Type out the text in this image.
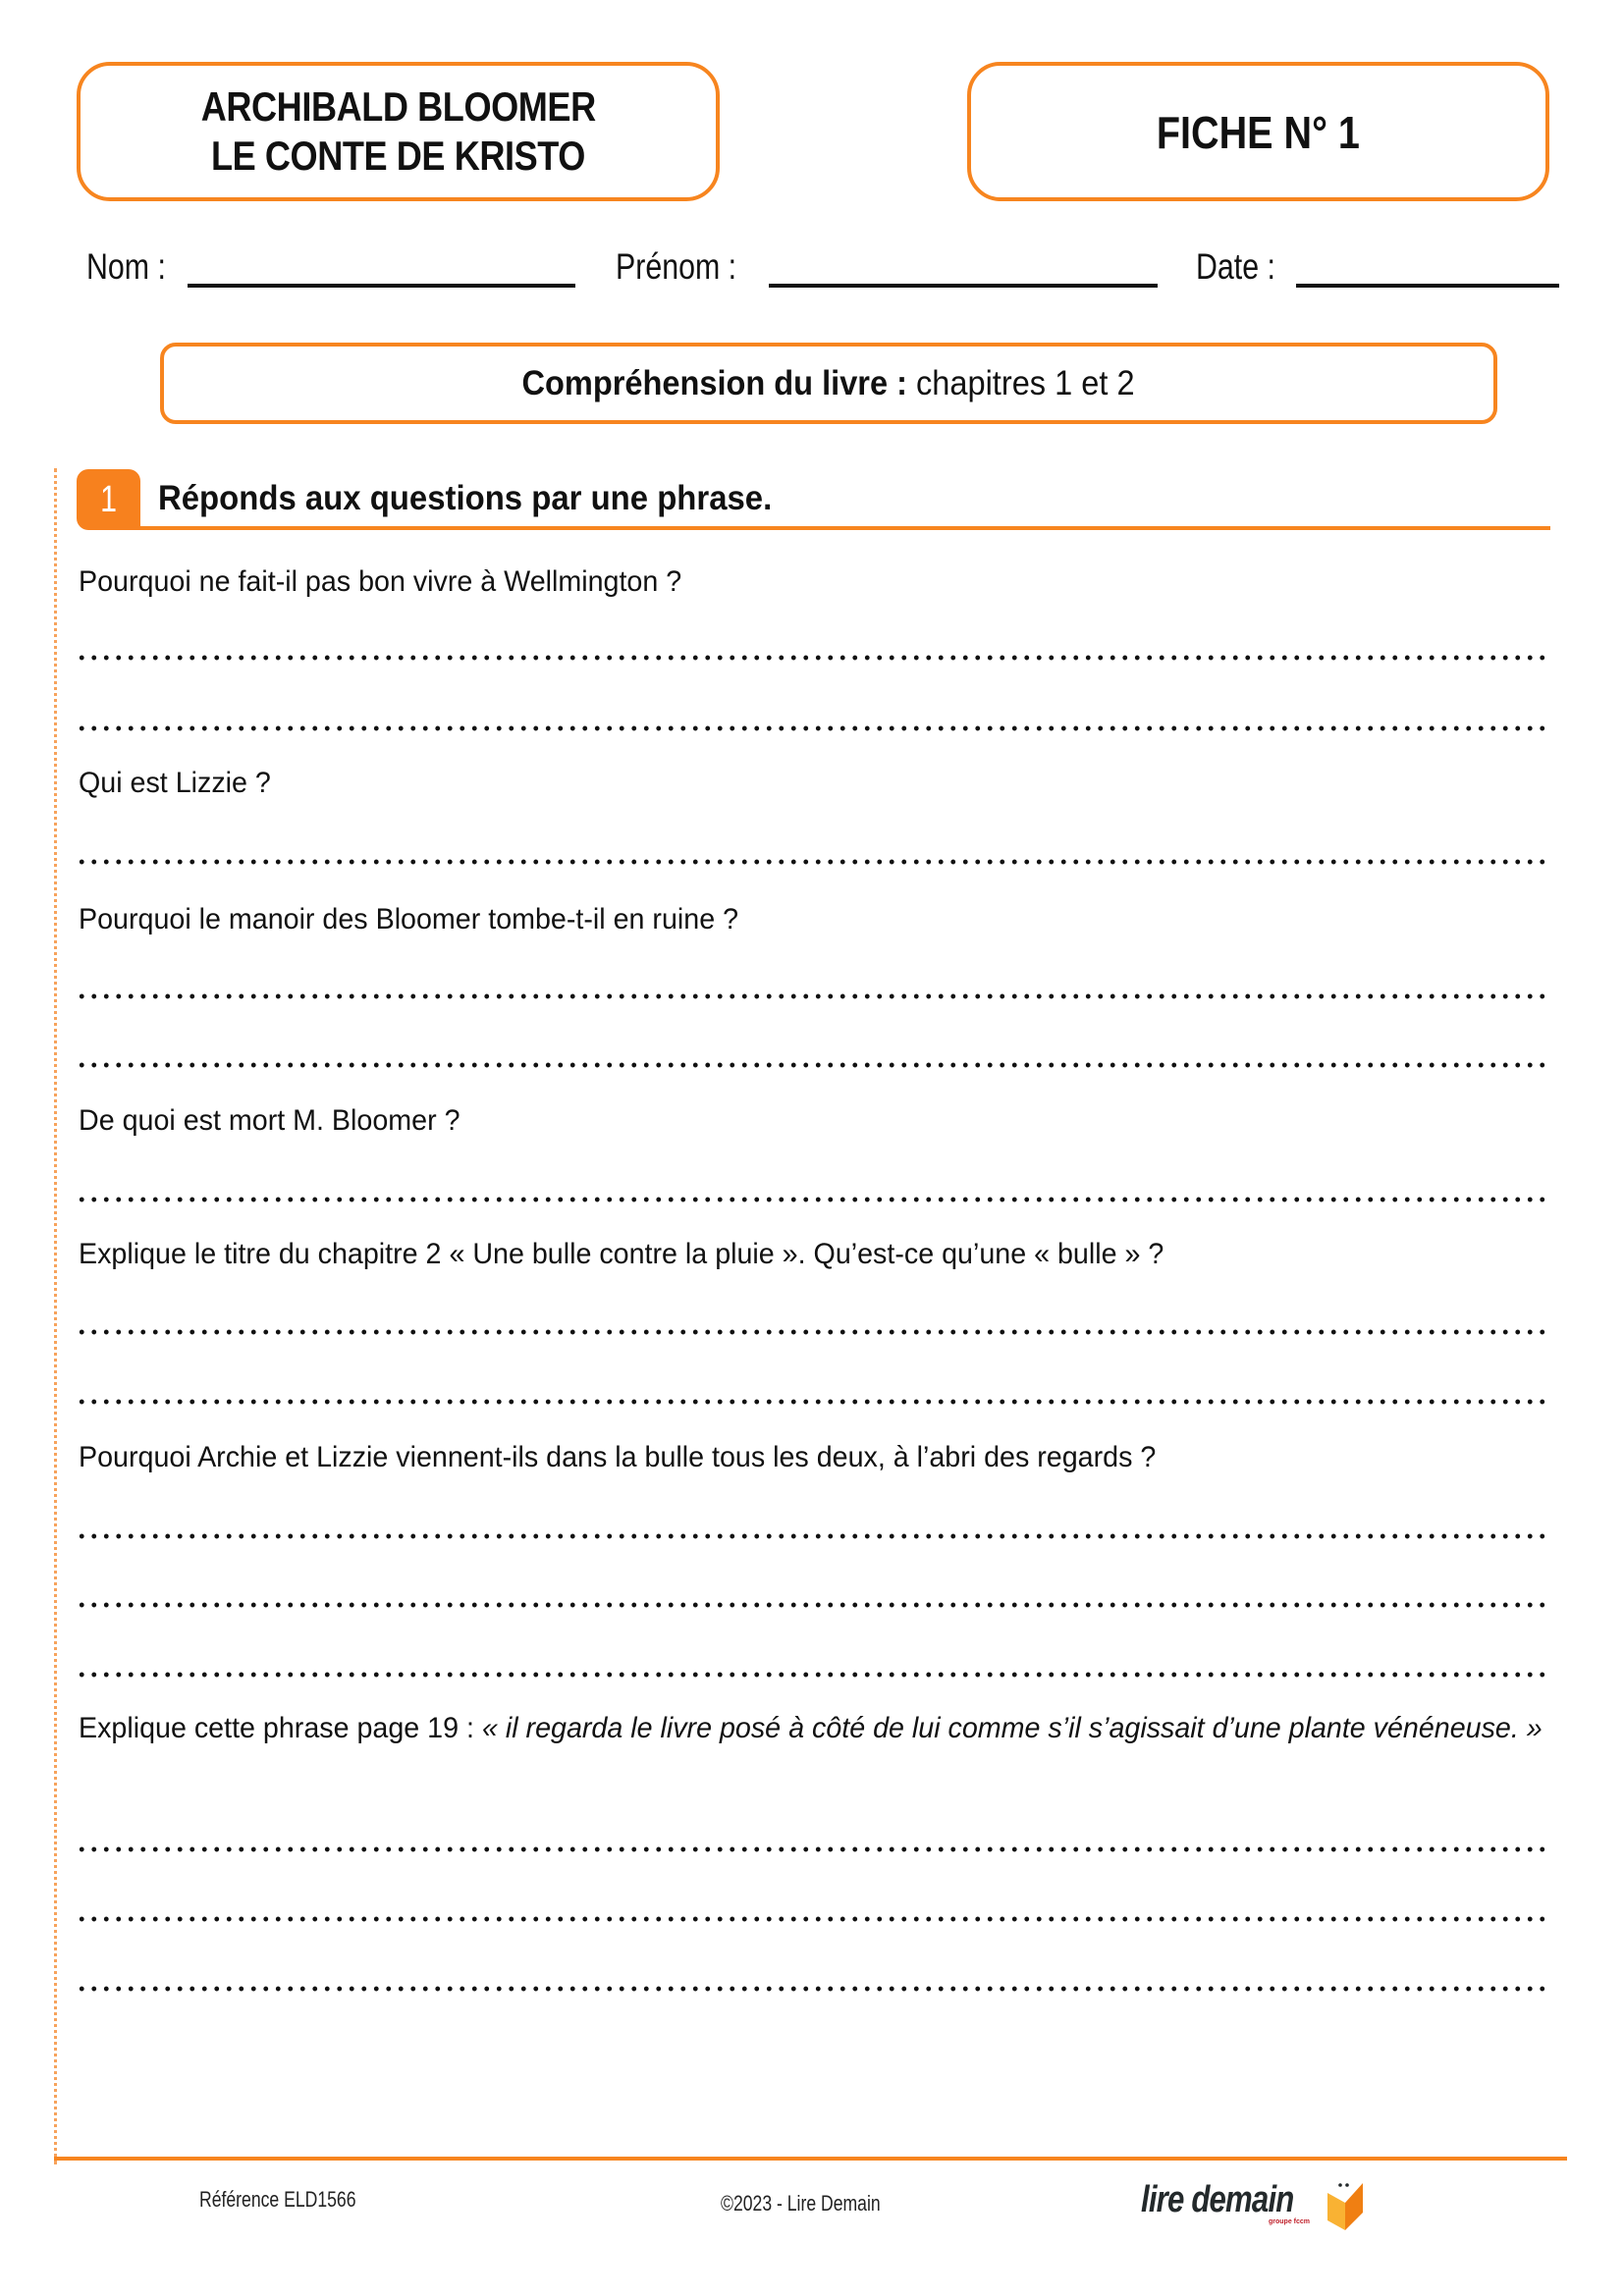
ARCHIBALD BLOOMER
LE CONTE DE KRISTO	FICHE N° 1
Nom :	Prénom :	Date :
Compréhension du livre : chapitres 1 et 2
1 Réponds aux questions par une phrase.
Pourquoi ne fait-il pas bon vivre à Wellmington ?
Qui est Lizzie ?
Pourquoi le manoir des Bloomer tombe-t-il en ruine ?
De quoi est mort M. Bloomer ?
Explique le titre du chapitre 2 « Une bulle contre la pluie ». Qu’est-ce qu’une « bulle » ?
Pourquoi Archie et Lizzie viennent-ils dans la bulle tous les deux, à l’abri des regards ?
Explique cette phrase page 19 : « il regarda le livre posé à côté de lui comme s’il s’agissait d’une plante vénéneuse. »
Référence ELD1566	©2023 - Lire Demain	lire demain
groupe fccm
